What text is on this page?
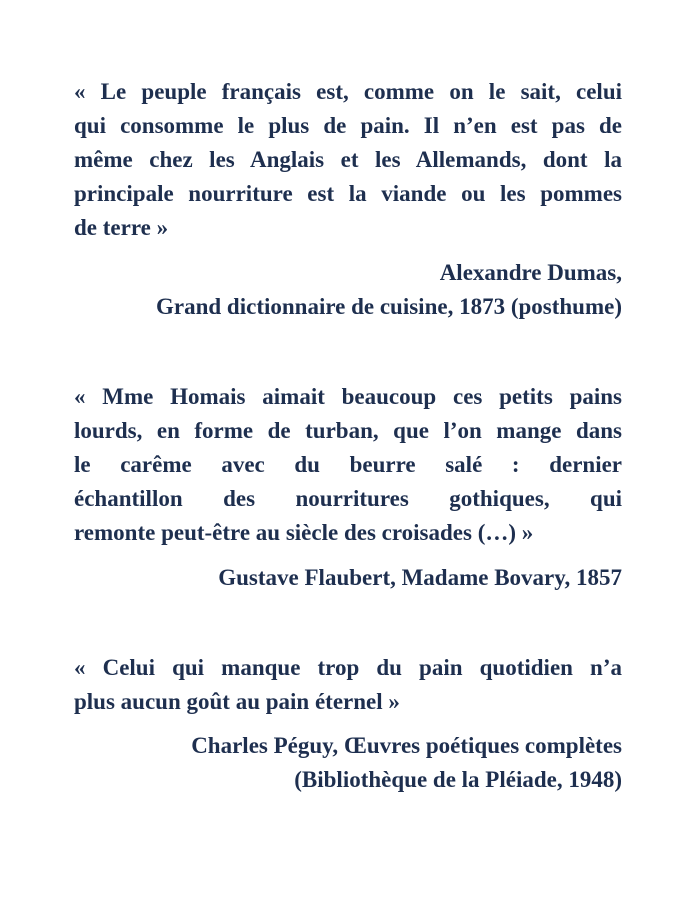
« Le peuple français est, comme on le sait, celui
qui consomme le plus de pain. Il n’en est pas de
même chez les Anglais et les Allemands, dont la
principale nourriture est la viande ou les pommes
de terre »
Alexandre Dumas,
Grand dictionnaire de cuisine, 1873 (posthume)
« Mme Homais aimait beaucoup ces petits pains
lourds, en forme de turban, que l’on mange dans
le carême avec du beurre salé : dernier
échantillon des nourritures gothiques, qui
remonte peut-être au siècle des croisades (…) »
Gustave Flaubert, Madame Bovary, 1857
« Celui qui manque trop du pain quotidien n’a
plus aucun goût au pain éternel »
Charles Péguy, Œuvres poétiques complètes
(Bibliothèque de la Pléiade, 1948)
